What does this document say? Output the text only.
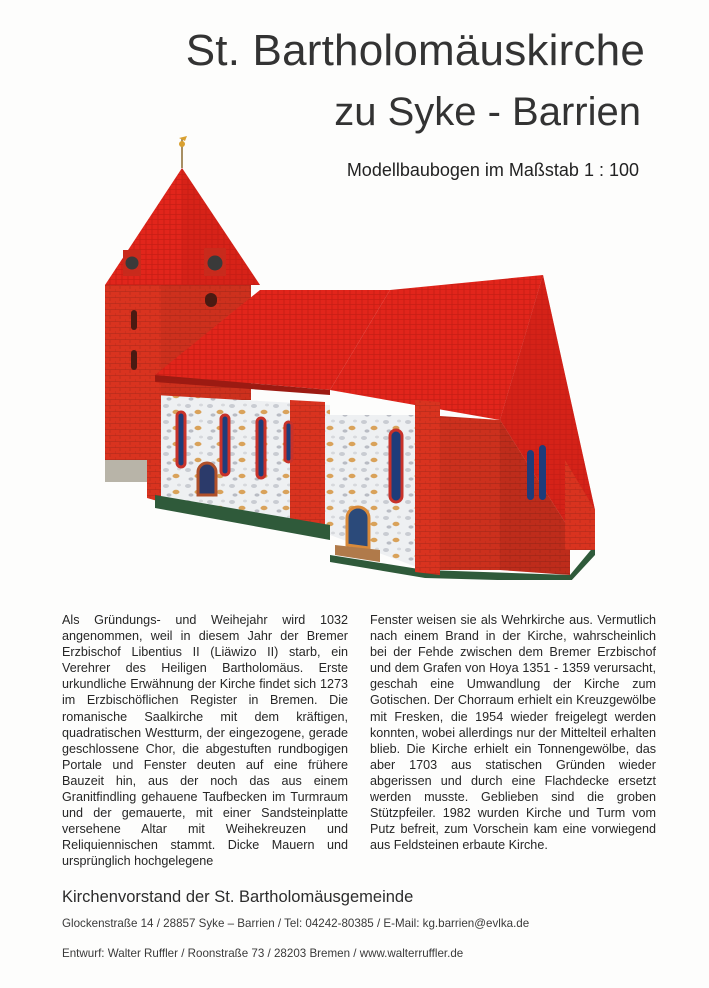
St. Bartholomäuskirche
zu Syke - Barrien
Modellbaubogen im Maßstab 1 : 100

Als Gründungs- und Weihejahr wird 1032 angenommen, weil in diesem Jahr der Bremer Erzbischof Libentius II (Liäwizo II) starb, ein Verehrer des Heiligen Bartholomäus. Erste urkundliche Erwähnung der Kirche findet sich 1273 im Erzbischöflichen Register in Bremen. Die romanische Saalkirche mit dem kräftigen, quadratischen Westturm, der eingezogene, gerade geschlossene Chor, die abgestuften rundbogigen Portale und Fenster deuten auf eine frühere Bauzeit hin, aus der noch das aus einem Granitfindling gehauene Taufbecken im Turmraum und der gemauerte, mit einer Sandsteinplatte versehene Altar mit Weihekreuzen und Reliquiennischen stammt. Dicke Mauern und ursprünglich hochgelegene

Fenster weisen sie als Wehrkirche aus. Vermutlich nach einem Brand in der Kirche, wahrscheinlich bei der Fehde zwischen dem Bremer Erzbischof und dem Grafen von Hoya 1351 - 1359 verursacht, geschah eine Umwandlung der Kirche zum Gotischen. Der Chorraum erhielt ein Kreuzgewölbe mit Fresken, die 1954 wieder freigelegt werden konnten, wobei allerdings nur der Mittelteil erhalten blieb. Die Kirche erhielt ein Tonnengewölbe, das aber 1703 aus statischen Gründen wieder abgerissen und durch eine Flachdecke ersetzt werden musste. Geblieben sind die groben Stützpfeiler. 1982 wurden Kirche und Turm vom Putz befreit, zum Vorschein kam eine vorwiegend aus Feldsteinen erbaute Kirche.

Kirchenvorstand der St. Bartholomäusgemeinde
Glockenstraße 14 / 28857 Syke – Barrien / Tel: 04242-80385 / E-Mail: kg.barrien@evlka.de
Entwurf: Walter Ruffler / Roonstraße 73 / 28203 Bremen / www.walterruffler.de
